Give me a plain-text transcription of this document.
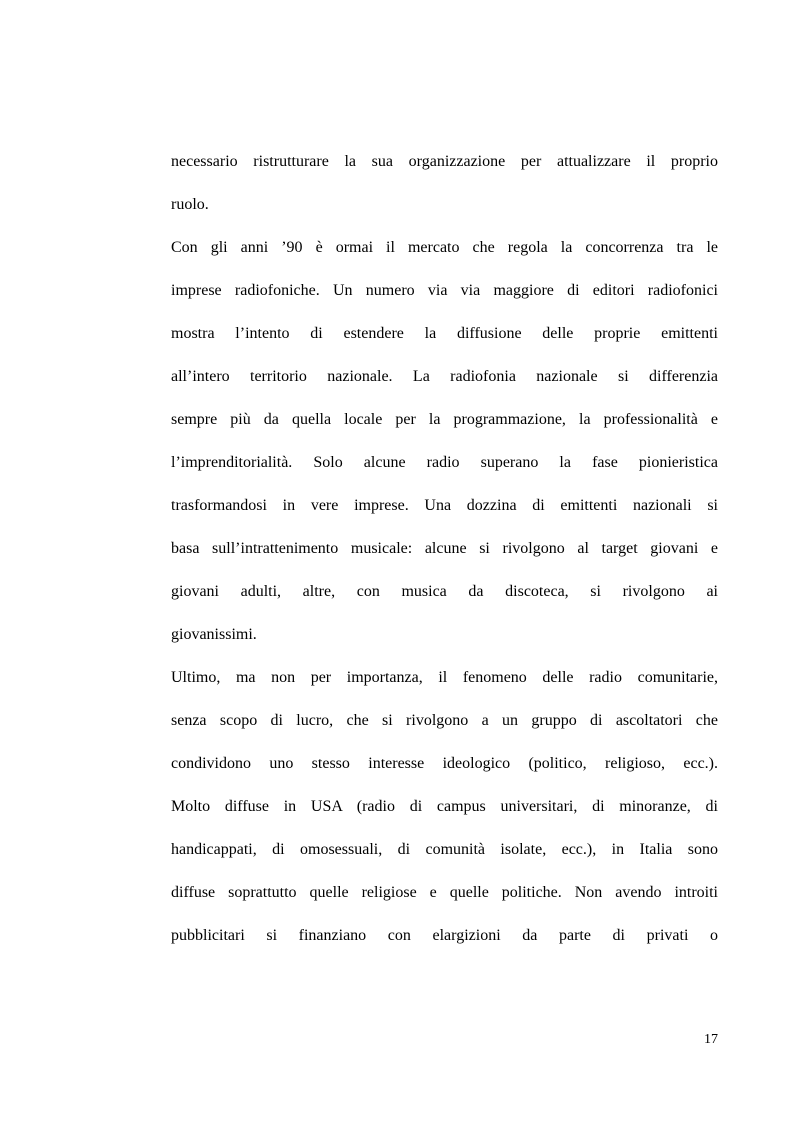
necessario ristrutturare la sua organizzazione per attualizzare il proprio
ruolo.
Con gli anni ’90 è ormai il mercato che regola la concorrenza tra le
imprese radiofoniche. Un numero via via maggiore di editori radiofonici
mostra l’intento di estendere la diffusione delle proprie emittenti
all’intero territorio nazionale. La radiofonia nazionale si differenzia
sempre più da quella locale per la programmazione, la professionalità e
l’imprenditorialità. Solo alcune radio superano la fase pionieristica
trasformandosi in vere imprese. Una dozzina di emittenti nazionali si
basa sull’intrattenimento musicale: alcune si rivolgono al target giovani e
giovani adulti, altre, con musica da discoteca, si rivolgono ai
giovanissimi.
Ultimo, ma non per importanza, il fenomeno delle radio comunitarie,
senza scopo di lucro, che si rivolgono a un gruppo di ascoltatori che
condividono uno stesso interesse ideologico (politico, religioso, ecc.).
Molto diffuse in USA (radio di campus universitari, di minoranze, di
handicappati, di omosessuali, di comunità isolate, ecc.), in Italia sono
diffuse soprattutto quelle religiose e quelle politiche. Non avendo introiti
pubblicitari si finanziano con elargizioni da parte di privati o
17
